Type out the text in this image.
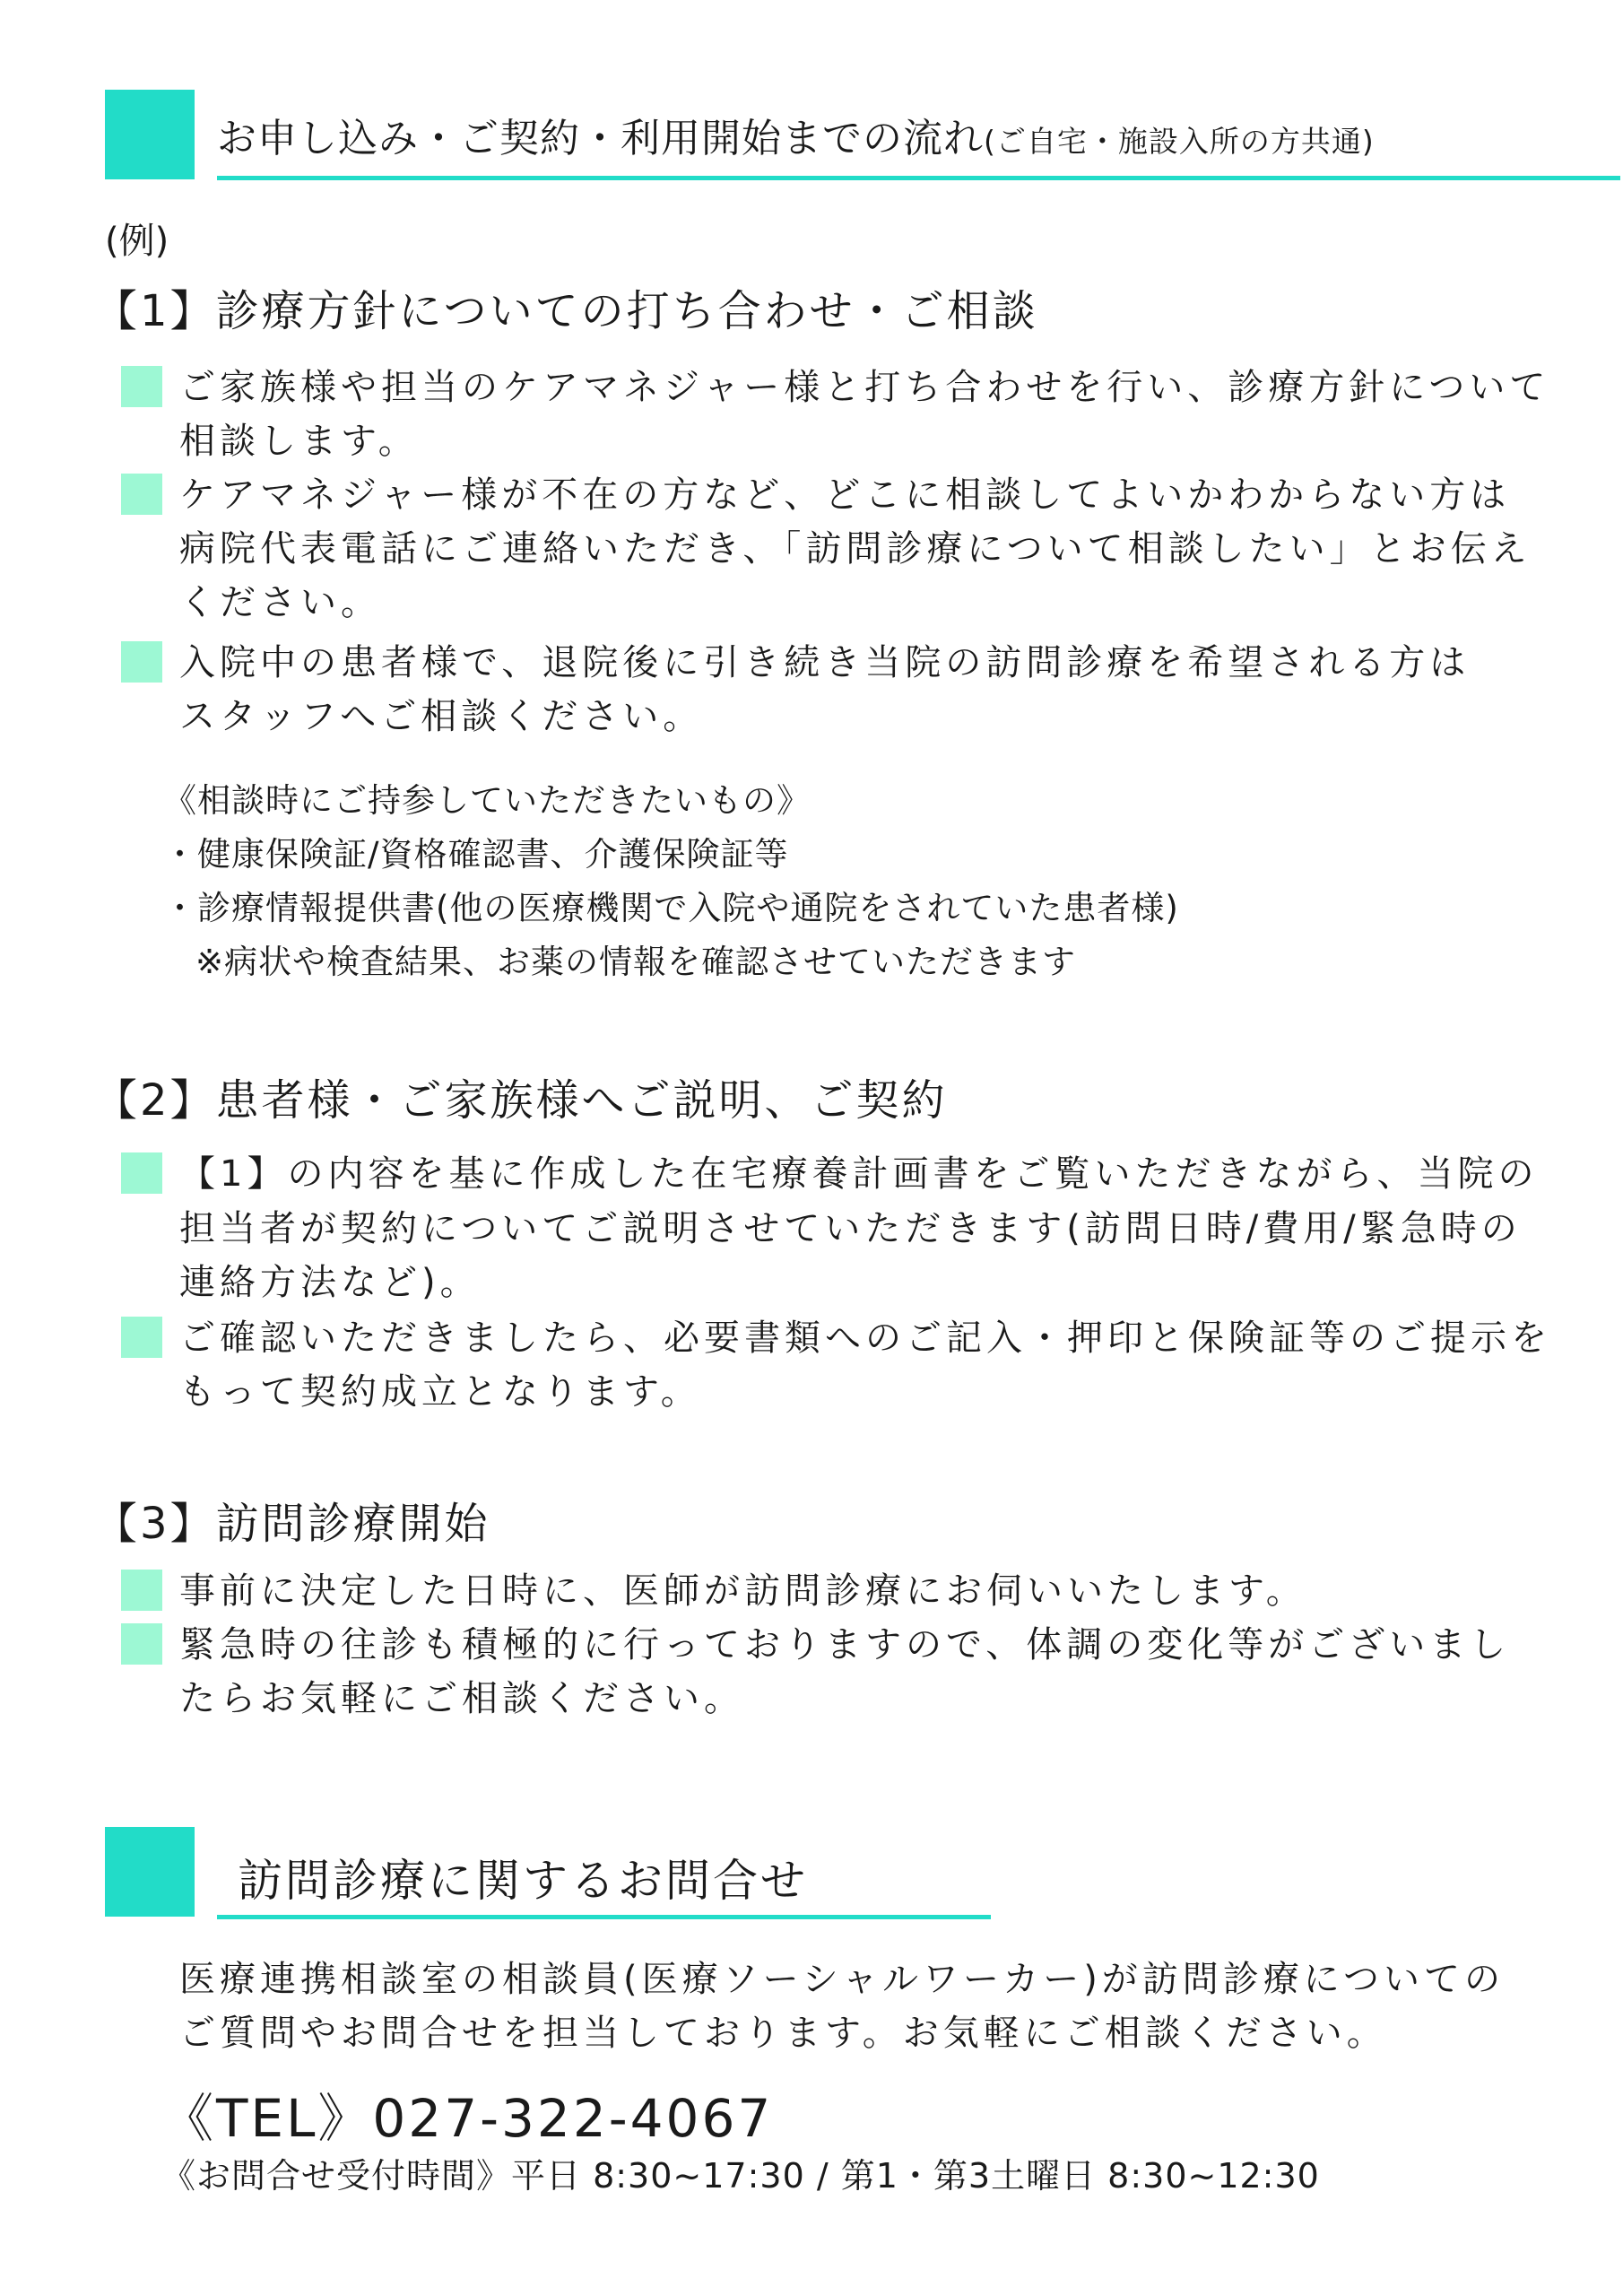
お申し込み・ご契約・利用開始までの流れ(ご自宅・施設入所の方共通)
(例)
【1】診療方針についての打ち合わせ・ご相談
ご家族様や担当のケアマネジャー様と打ち合わせを行い、診療方針について
相談します。
ケアマネジャー様が不在の方など、どこに相談してよいかわからない方は
病院代表電話にご連絡いただき、「訪問診療について相談したい」とお伝え
ください。
入院中の患者様で、退院後に引き続き当院の訪問診療を希望される方は
スタッフへご相談ください。
《相談時にご持参していただきたいもの》
・健康保険証/資格確認書、介護保険証等
・診療情報提供書(他の医療機関で入院や通院をされていた患者様)
※病状や検査結果、お薬の情報を確認させていただきます
【2】患者様・ご家族様へご説明、ご契約
【1】の内容を基に作成した在宅療養計画書をご覧いただきながら、当院の
担当者が契約についてご説明させていただきます(訪問日時/費用/緊急時の
連絡方法など)。
ご確認いただきましたら、必要書類へのご記入・押印と保険証等のご提示を
もって契約成立となります。
【3】訪問診療開始
事前に決定した日時に、医師が訪問診療にお伺いいたします。
緊急時の往診も積極的に行っておりますので、体調の変化等がございまし
たらお気軽にご相談ください。
訪問診療に関するお問合せ
医療連携相談室の相談員(医療ソーシャルワーカー)が訪問診療についての
ご質問やお問合せを担当しております。お気軽にご相談ください。
《TEL》027-322-4067
《お問合せ受付時間》平日 8:30~17:30 / 第1・第3土曜日 8:30~12:30
